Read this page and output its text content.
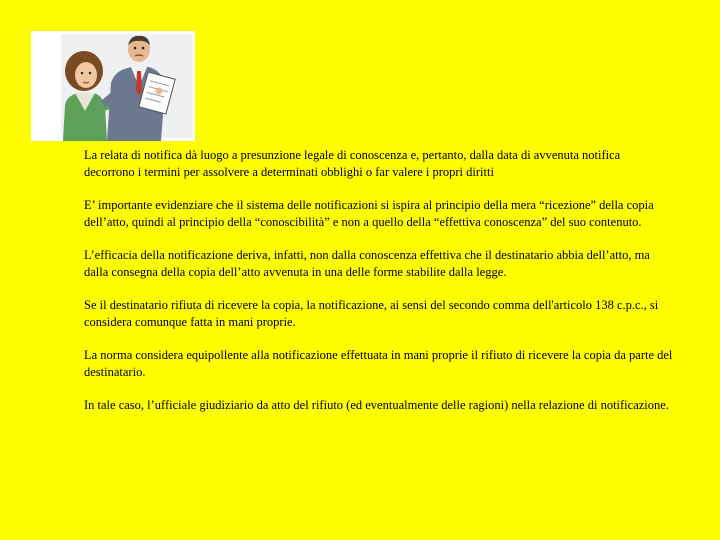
La relata di notifica dà luogo a presunzione legale di conoscenza e, pertanto, dalla data di avvenuta notifica decorrono i termini per assolvere a determinati obblighi o far valere i propri diritti

E’ importante evidenziare che il sistema delle notificazioni si ispira al principio della mera “ricezione” della copia dell’atto, quindi al principio della “conoscibilità” e non a quello della “effettiva conoscenza” del suo contenuto.

L’efficacia della notificazione deriva, infatti, non dalla conoscenza effettiva che il destinatario abbia dell’atto, ma dalla consegna della copia dell’atto avvenuta in una delle forme stabilite dalla legge.

Se il destinatario rifiuta di ricevere la copia, la notificazione, ai sensi del secondo comma dell'articolo 138 c.p.c., si considera comunque fatta in mani proprie.

La norma considera equipollente alla notificazione effettuata in mani proprie il rifiuto di ricevere la copia da parte del destinatario.

In tale caso, l’ufficiale giudiziario da atto del rifiuto (ed eventualmente delle ragioni) nella relazione di notificazione.
